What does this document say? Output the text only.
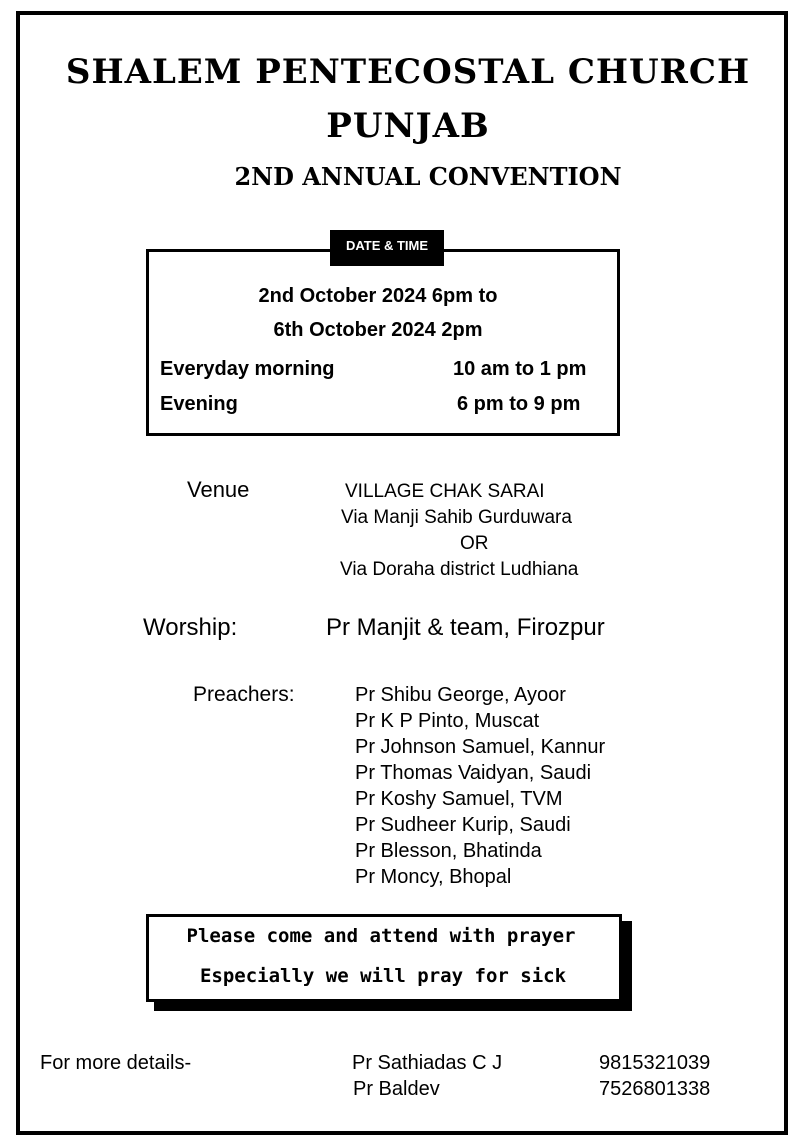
SHALEM PENTECOSTAL CHURCH
PUNJAB
2ND ANNUAL CONVENTION
DATE & TIME
2nd October 2024 6pm to
6th October 2024 2pm
Everyday morning	10 am to 1 pm
Evening	6 pm to 9 pm
Venue	VILLAGE CHAK SARAI
Via Manji Sahib Gurduwara
OR
Via Doraha district Ludhiana
Worship:	Pr Manjit & team, Firozpur
Preachers:	Pr Shibu George, Ayoor
Pr K P Pinto, Muscat
Pr Johnson Samuel, Kannur
Pr Thomas Vaidyan, Saudi
Pr Koshy Samuel, TVM
Pr Sudheer Kurip, Saudi
Pr Blesson, Bhatinda
Pr Moncy, Bhopal
Please come and attend with prayer
Especially we will pray for sick
For more details-	Pr Sathiadas C J	9815321039
Pr Baldev	7526801338
